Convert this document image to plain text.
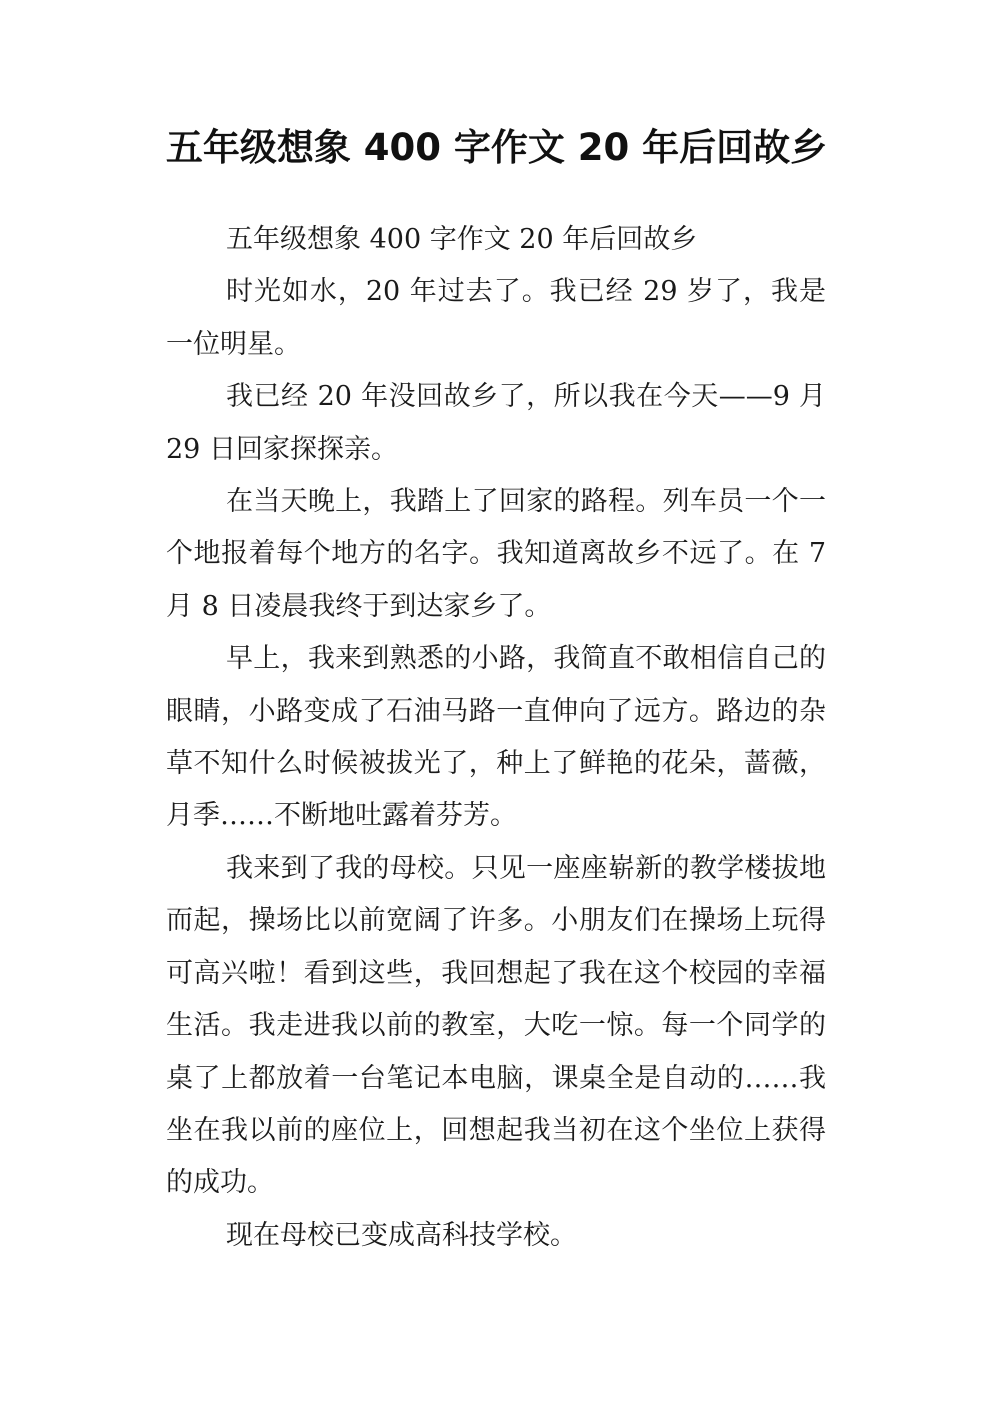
五年级想象 400 字作文 20 年后回故乡

五年级想象 400 字作文 20 年后回故乡

时光如水，20 年过去了。我已经 29 岁了，我是一位明星。

我已经 20 年没回故乡了，所以我在今天——9 月 29 日回家探探亲。

在当天晚上，我踏上了回家的路程。列车员一个一个地报着每个地方的名字。我知道离故乡不远了。在 7 月 8 日凌晨我终于到达家乡了。

早上，我来到熟悉的小路，我简直不敢相信自己的眼睛，小路变成了石油马路一直伸向了远方。路边的杂草不知什么时候被拔光了，种上了鲜艳的花朵，蔷薇，月季……不断地吐露着芬芳。

我来到了我的母校。只见一座座崭新的教学楼拔地而起，操场比以前宽阔了许多。小朋友们在操场上玩得可高兴啦！看到这些，我回想起了我在这个校园的幸福生活。我走进我以前的教室，大吃一惊。每一个同学的桌了上都放着一台笔记本电脑，课桌全是自动的……我坐在我以前的座位上，回想起我当初在这个坐位上获得的成功。

现在母校已变成高科技学校。
